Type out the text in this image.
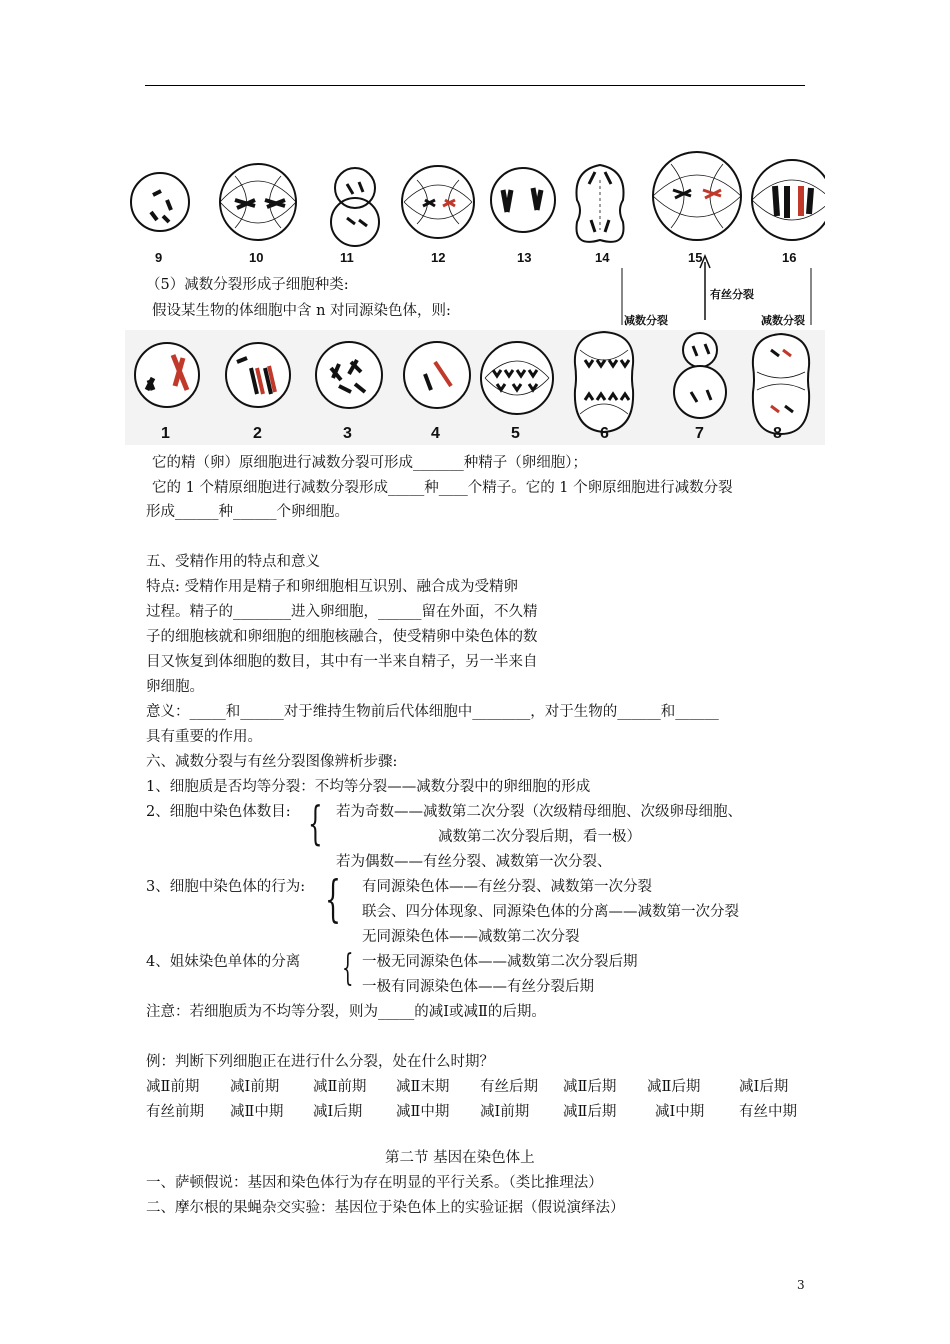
9	10	11	12	13	14	15	16
减数分裂
有丝分裂
减数分裂
（5）减数分裂形成子细胞种类:
假设某生物的体细胞中含 n 对同源染色体，则:
1	2	3	4	5	6	7	8
它的精（卵）原细胞进行减数分裂可形成_______种精子（卵细胞）；
它的 1 个精原细胞进行减数分裂形成_____种____个精子。它的 1 个卵原细胞进行减数分裂
形成______种______个卵细胞。
五、受精作用的特点和意义
特点: 受精作用是精子和卵细胞相互识别、融合成为受精卵
过程。精子的________进入卵细胞，______留在外面，不久精
子的细胞核就和卵细胞的细胞核融合，使受精卵中染色体的数
目又恢复到体细胞的数目，其中有一半来自精子，另一半来自
卵细胞。
意义：_____和______对于维持生物前后代体细胞中________，对于生物的______和______
具有重要的作用。
六、减数分裂与有丝分裂图像辨析步骤:
1、细胞质是否均等分裂：不均等分裂——减数分裂中的卵细胞的形成
2、细胞中染色体数目: { 若为奇数——减数第二次分裂（次级精母细胞、次级卵母细胞、
减数第二次分裂后期，看一极）
若为偶数——有丝分裂、减数第一次分裂、
3、细胞中染色体的行为: { 有同源染色体——有丝分裂、减数第一次分裂
联会、四分体现象、同源染色体的分离——减数第一次分裂
无同源染色体——减数第二次分裂
4、姐妹染色单体的分离 { 一极无同源染色体——减数第二次分裂后期
一极有同源染色体——有丝分裂后期
注意：若细胞质为不均等分裂，则为_____的减Ⅰ或减Ⅱ的后期。
例：判断下列细胞正在进行什么分裂，处在什么时期？
减Ⅱ前期 减Ⅰ前期 减Ⅱ前期 减Ⅱ末期 有丝后期 减Ⅱ后期 减Ⅱ后期	减Ⅰ后期
有丝前期 减Ⅱ中期 减Ⅰ后期 减Ⅱ中期 减Ⅰ前期 减Ⅱ后期	减Ⅰ中期 有丝中期
第二节 基因在染色体上
一、萨顿假说：基因和染色体行为存在明显的平行关系。（类比推理法）
二、摩尔根的果蝇杂交实验：基因位于染色体上的实验证据（假说演绎法）
3
